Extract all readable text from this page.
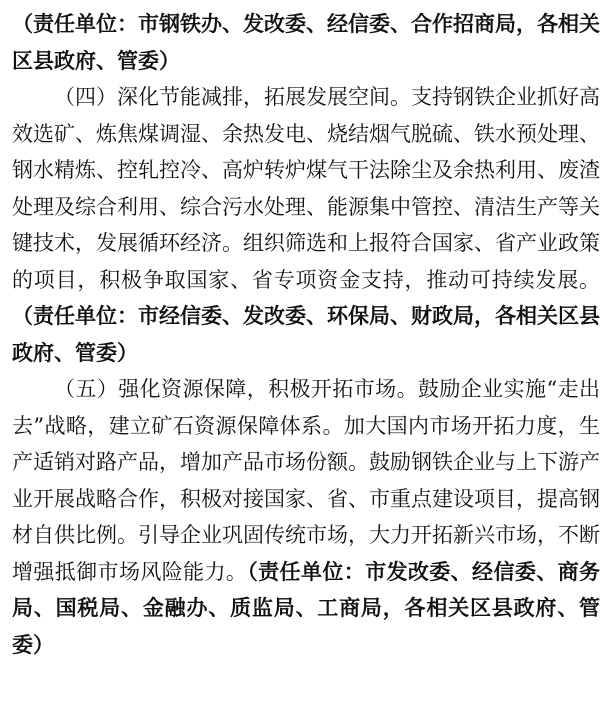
（责任单位：市钢铁办、发改委、经信委、合作招商局，各相关区县政府、管委）

（四）深化节能减排，拓展发展空间。支持钢铁企业抓好高效选矿、炼焦煤调湿、余热发电、烧结烟气脱硫、铁水预处理、钢水精炼、控轧控冷、高炉转炉煤气干法除尘及余热利用、废渣处理及综合利用、综合污水处理、能源集中管控、清洁生产等关键技术，发展循环经济。组织筛选和上报符合国家、省产业政策的项目，积极争取国家、省专项资金支持，推动可持续发展。（责任单位：市经信委、发改委、环保局、财政局，各相关区县政府、管委）

（五）强化资源保障，积极开拓市场。鼓励企业实施“走出去”战略，建立矿石资源保障体系。加大国内市场开拓力度，生产适销对路产品，增加产品市场份额。鼓励钢铁企业与上下游产业开展战略合作，积极对接国家、省、市重点建设项目，提高钢材自供比例。引导企业巩固传统市场，大力开拓新兴市场，不断增强抵御市场风险能力。（责任单位：市发改委、经信委、商务局、国税局、金融办、质监局、工商局，各相关区县政府、管委）
